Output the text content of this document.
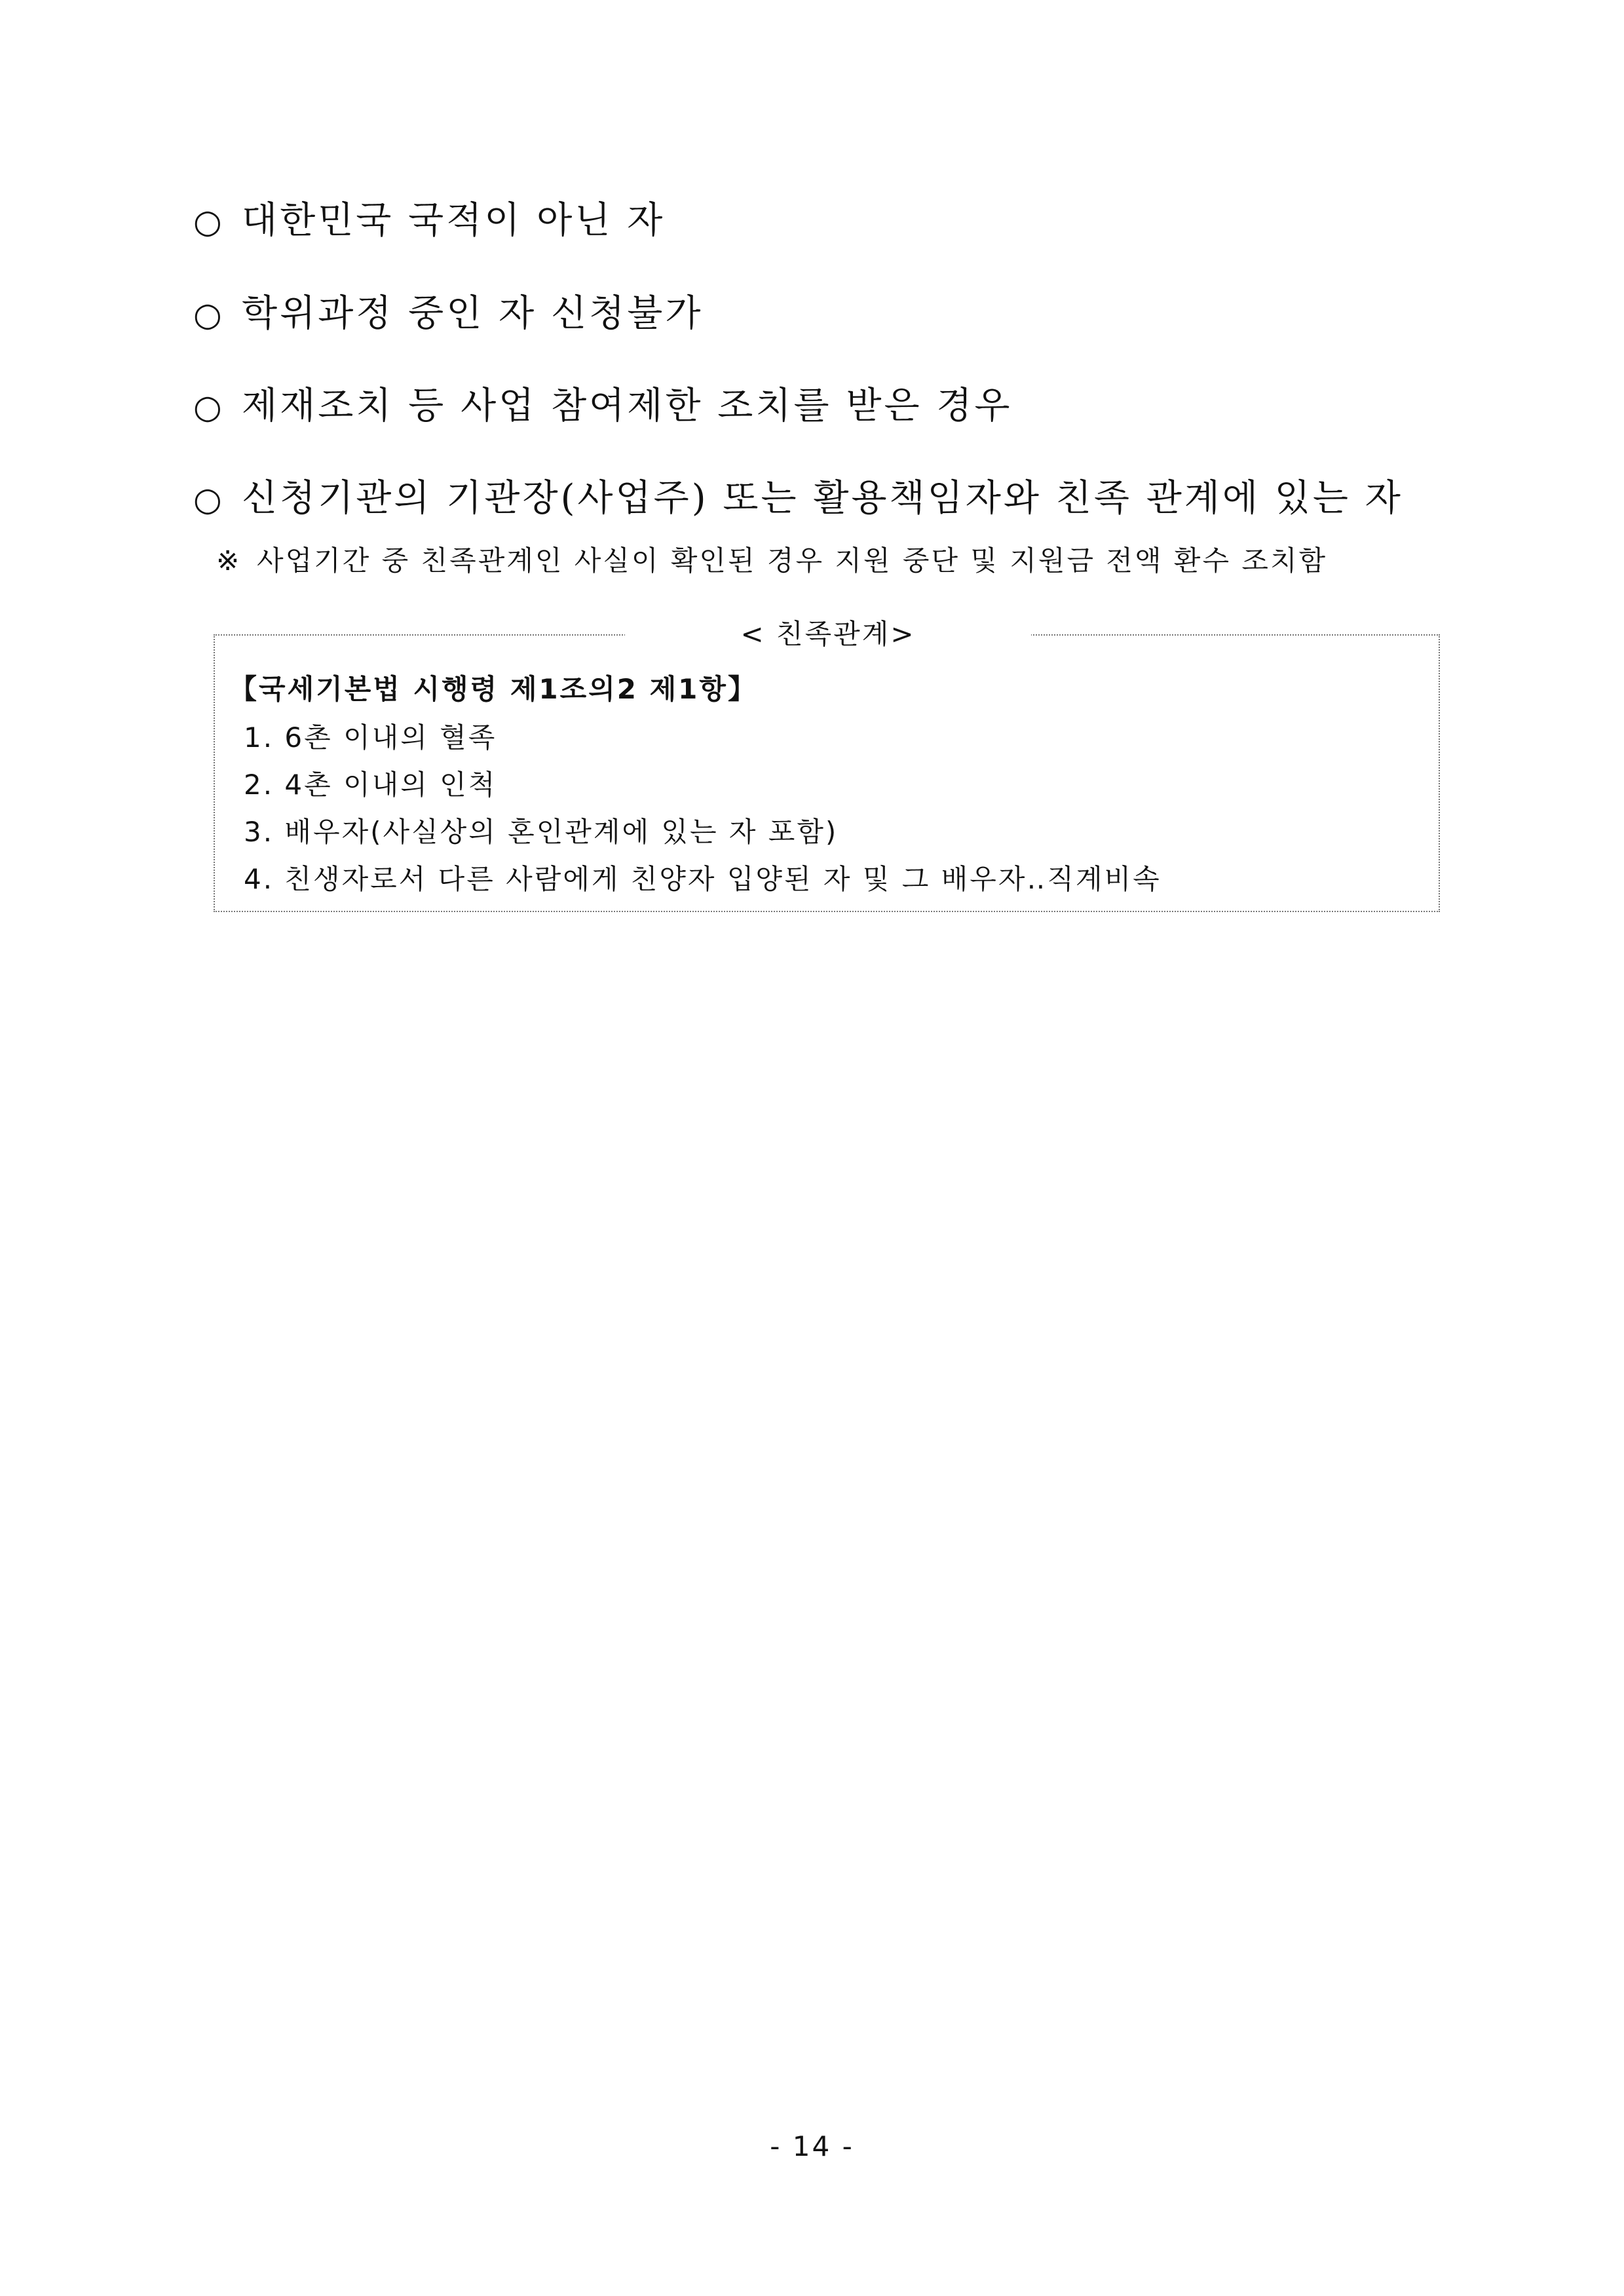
○ 대한민국 국적이 아닌 자
○ 학위과정 중인 자 신청불가
○ 제재조치 등 사업 참여제한 조치를 받은 경우
○ 신청기관의 기관장(사업주) 또는 활용책임자와 친족 관계에 있는 자
※ 사업기간 중 친족관계인 사실이 확인된 경우 지원 중단 및 지원금 전액 환수 조치함
< 친족관계>
【국세기본법 시행령 제1조의2 제1항】
1. 6촌 이내의 혈족
2. 4촌 이내의 인척
3. 배우자(사실상의 혼인관계에 있는 자 포함)
4. 친생자로서 다른 사람에게 친양자 입양된 자 및 그 배우자‥직계비속
- 14 -
